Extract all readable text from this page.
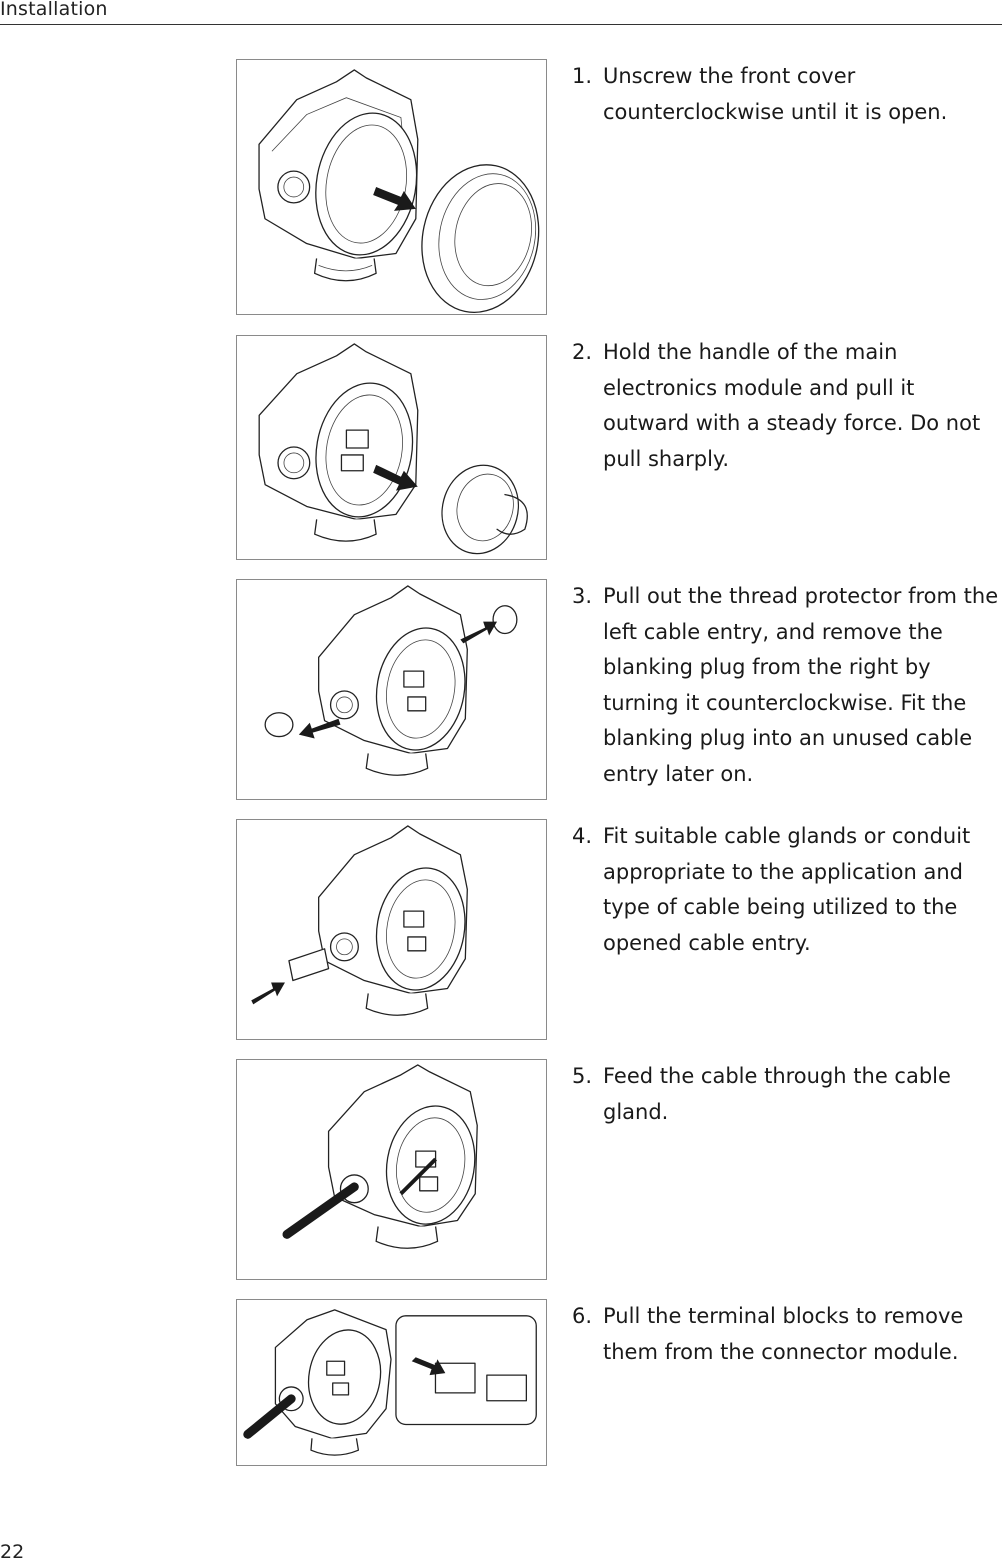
Installation
1. Unscrew the front cover counterclockwise until it is open.
2. Hold the handle of the main electronics module and pull it outward with a steady force. Do not pull sharply.
3. Pull out the thread protector from the left cable entry, and remove the blanking plug from the right by turning it counterclockwise. Fit the blanking plug into an unused cable entry later on.
4. Fit suitable cable glands or conduit appropriate to the application and type of cable being utilized to the opened cable entry.
5. Feed the cable through the cable gland.
6. Pull the terminal blocks to remove them from the connector module.
22
